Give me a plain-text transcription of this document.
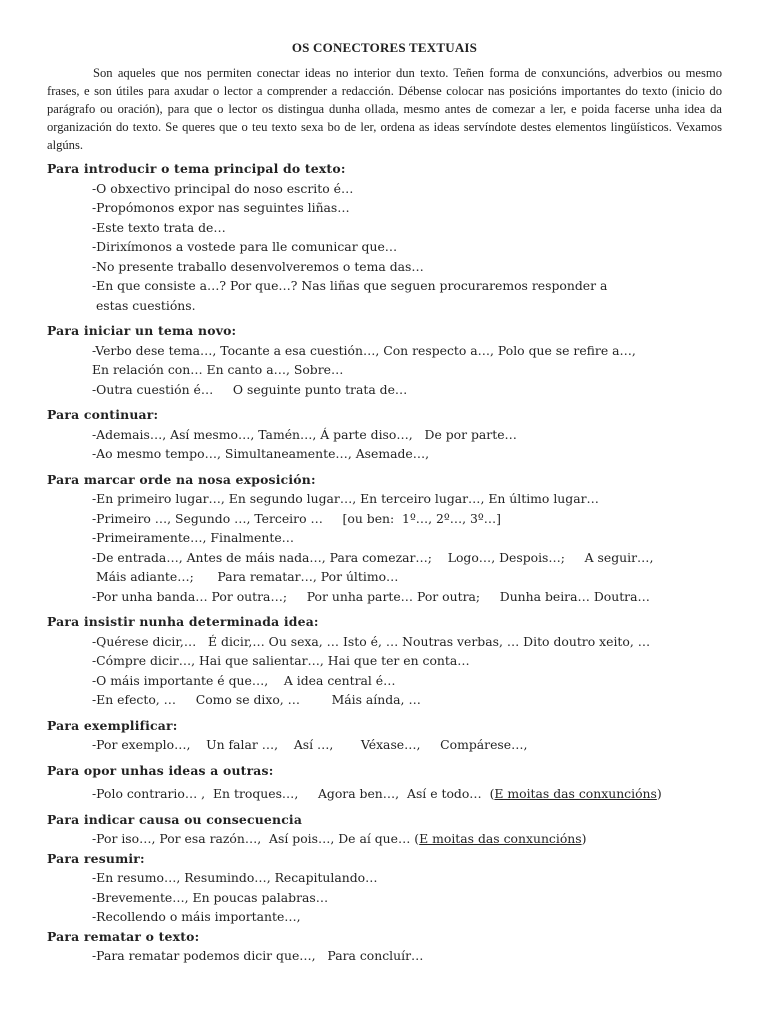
OS CONECTORES TEXTUAIS

Son aqueles que nos permiten conectar ideas no interior dun texto. Teñen forma de conxuncións, adverbios ou mesmo frases, e son útiles para axudar o lector a comprender a redacción. Débense colocar nas posicións importantes do texto (inicio do parágrafo ou oración), para que o lector os distingua dunha ollada, mesmo antes de comezar a ler, e poida facerse unha idea da organización do texto. Se queres que o teu texto sexa bo de ler, ordena as ideas servíndote destes elementos lingüísticos. Vexamos algúns.

Para introducir o tema principal do texto:
-O obxectivo principal do noso escrito é…
-Propómonos expor nas seguintes liñas…
-Este texto trata de…
-Dirixímonos a vostede para lle comunicar que…
-No presente traballo desenvolveremos o tema das…
-En que consiste a…? Por que…? Nas liñas que seguen procuraremos responder a
estas cuestións.
Para iniciar un tema novo:
-Verbo dese tema…, Tocante a esa cuestión…, Con respecto a…, Polo que se refire a…,
En relación con… En canto a…, Sobre…
-Outra cuestión é…     O seguinte punto trata de…
Para continuar:
-Ademais…, Así mesmo…, Tamén…, Á parte diso…,   De por parte…
-Ao mesmo tempo…, Simultaneamente…, Asemade…,
Para marcar orde na nosa exposición:
-En primeiro lugar…, En segundo lugar…, En terceiro lugar…, En último lugar…
-Primeiro …, Segundo …, Terceiro …     [ou ben:  1º…, 2º…, 3º…]
-Primeiramente…, Finalmente…
-De entrada…, Antes de máis nada…, Para comezar…;    Logo…, Despois…;     A seguir…,
Máis adiante…;      Para rematar…, Por último…
-Por unha banda… Por outra…;     Por unha parte… Por outra;     Dunha beira… Doutra…
Para insistir nunha determinada idea:
-Quérese dicir,…   É dicir,… Ou sexa, … Isto é, … Noutras verbas, … Dito doutro xeito, …
-Cómpre dicir…, Hai que salientar…, Hai que ter en conta…
-O máis importante é que…,    A idea central é…
-En efecto, …     Como se dixo, …        Máis aínda, …
Para exemplificar:
-Por exemplo…,    Un falar …,    Así …,       Véxase…,     Compárese…,
Para opor unhas ideas a outras:
-Polo contrario… ,  En troques…,     Agora ben…,  Así e todo…  (E moitas das conxuncións)
Para indicar causa ou consecuencia
-Por iso…, Por esa razón…,  Así pois…, De aí que… (E moitas das conxuncións)
Para resumir:
-En resumo…, Resumindo…, Recapitulando…
-Brevemente…, En poucas palabras…
-Recollendo o máis importante…,
Para rematar o texto:
-Para rematar podemos dicir que…,   Para concluír…
